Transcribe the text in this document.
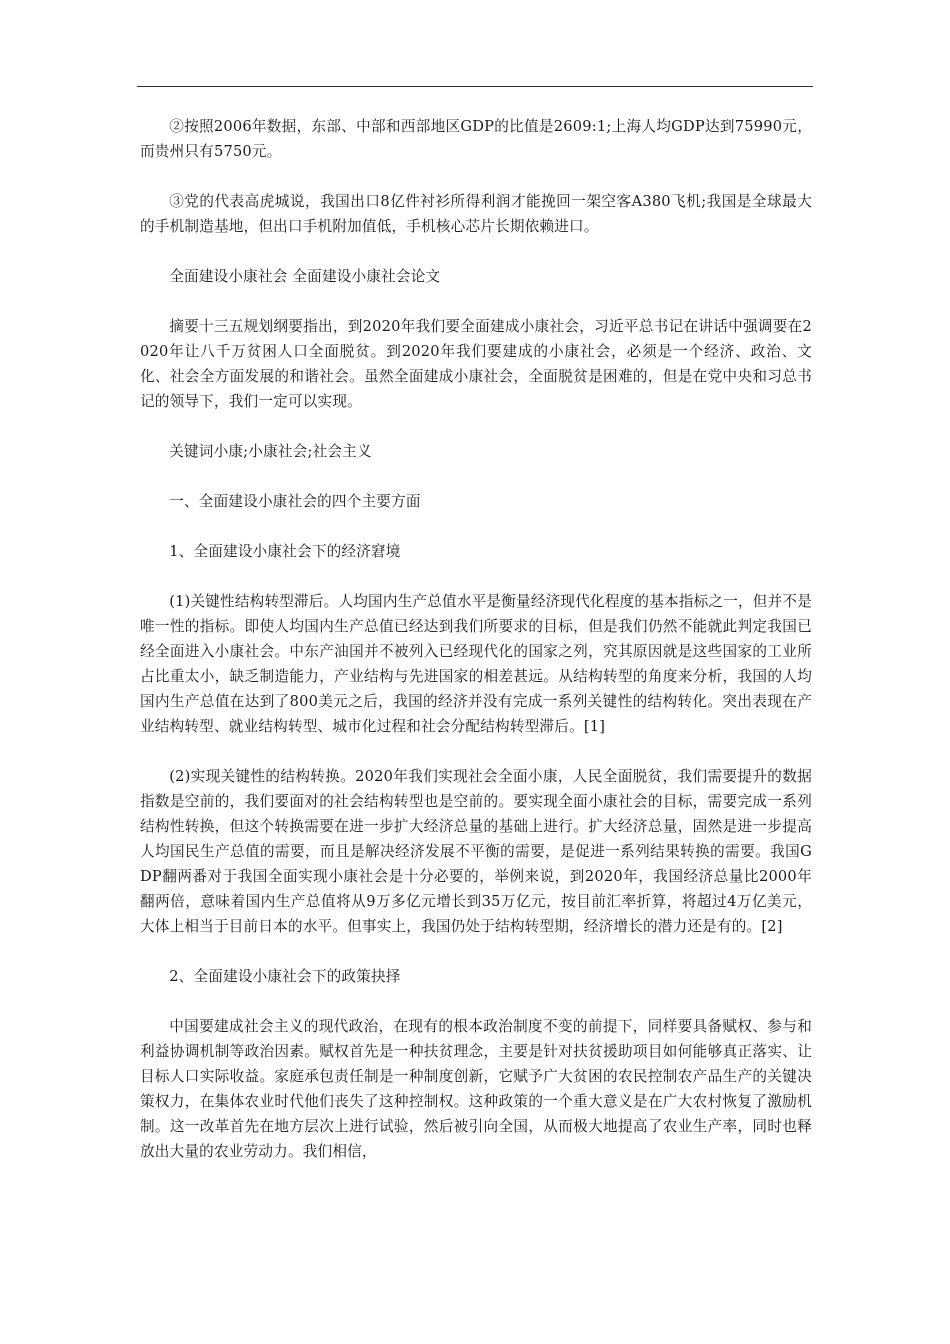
②按照2006年数据，东部、中部和西部地区GDP的比值是2609:1;上海人均GDP达到75990元，而贵州只有5750元。

③党的代表高虎城说，我国出口8亿件衬衫所得利润才能挽回一架空客A380飞机;我国是全球最大的手机制造基地，但出口手机附加值低，手机核心芯片长期依赖进口。

全面建设小康社会 全面建设小康社会论文

摘要十三五规划纲要指出，到2020年我们要全面建成小康社会，习近平总书记在讲话中强调要在2020年让八千万贫困人口全面脱贫。到2020年我们要建成的小康社会，必须是一个经济、政治、文化、社会全方面发展的和谐社会。虽然全面建成小康社会，全面脱贫是困难的，但是在党中央和习总书记的领导下，我们一定可以实现。

关键词小康;小康社会;社会主义

一、全面建设小康社会的四个主要方面

1、全面建设小康社会下的经济窘境

(1)关键性结构转型滞后。人均国内生产总值水平是衡量经济现代化程度的基本指标之一，但并不是唯一性的指标。即使人均国内生产总值已经达到我们所要求的目标，但是我们仍然不能就此判定我国已经全面进入小康社会。中东产油国并不被列入已经现代化的国家之列，究其原因就是这些国家的工业所占比重太小，缺乏制造能力，产业结构与先进国家的相差甚远。从结构转型的角度来分析，我国的人均国内生产总值在达到了800美元之后，我国的经济并没有完成一系列关键性的结构转化。突出表现在产业结构转型、就业结构转型、城市化过程和社会分配结构转型滞后。[1]

(2)实现关键性的结构转换。2020年我们实现社会全面小康，人民全面脱贫，我们需要提升的数据指数是空前的，我们要面对的社会结构转型也是空前的。要实现全面小康社会的目标，需要完成一系列结构性转换，但这个转换需要在进一步扩大经济总量的基础上进行。扩大经济总量，固然是进一步提高人均国民生产总值的需要，而且是解决经济发展不平衡的需要，是促进一系列结果转换的需要。我国GDP翻两番对于我国全面实现小康社会是十分必要的，举例来说，到2020年，我国经济总量比2000年翻两倍，意味着国内生产总值将从9万多亿元增长到35万亿元，按目前汇率折算，将超过4万亿美元，大体上相当于目前日本的水平。但事实上，我国仍处于结构转型期，经济增长的潜力还是有的。[2]

2、全面建设小康社会下的政策抉择

中国要建成社会主义的现代政治，在现有的根本政治制度不变的前提下，同样要具备赋权、参与和利益协调机制等政治因素。赋权首先是一种扶贫理念，主要是针对扶贫援助项目如何能够真正落实、让目标人口实际收益。家庭承包责任制是一种制度创新，它赋予广大贫困的农民控制农产品生产的关键决策权力，在集体农业时代他们丧失了这种控制权。这种政策的一个重大意义是在广大农村恢复了激励机制。这一改革首先在地方层次上进行试验，然后被引向全国，从而极大地提高了农业生产率，同时也释放出大量的农业劳动力。我们相信，
